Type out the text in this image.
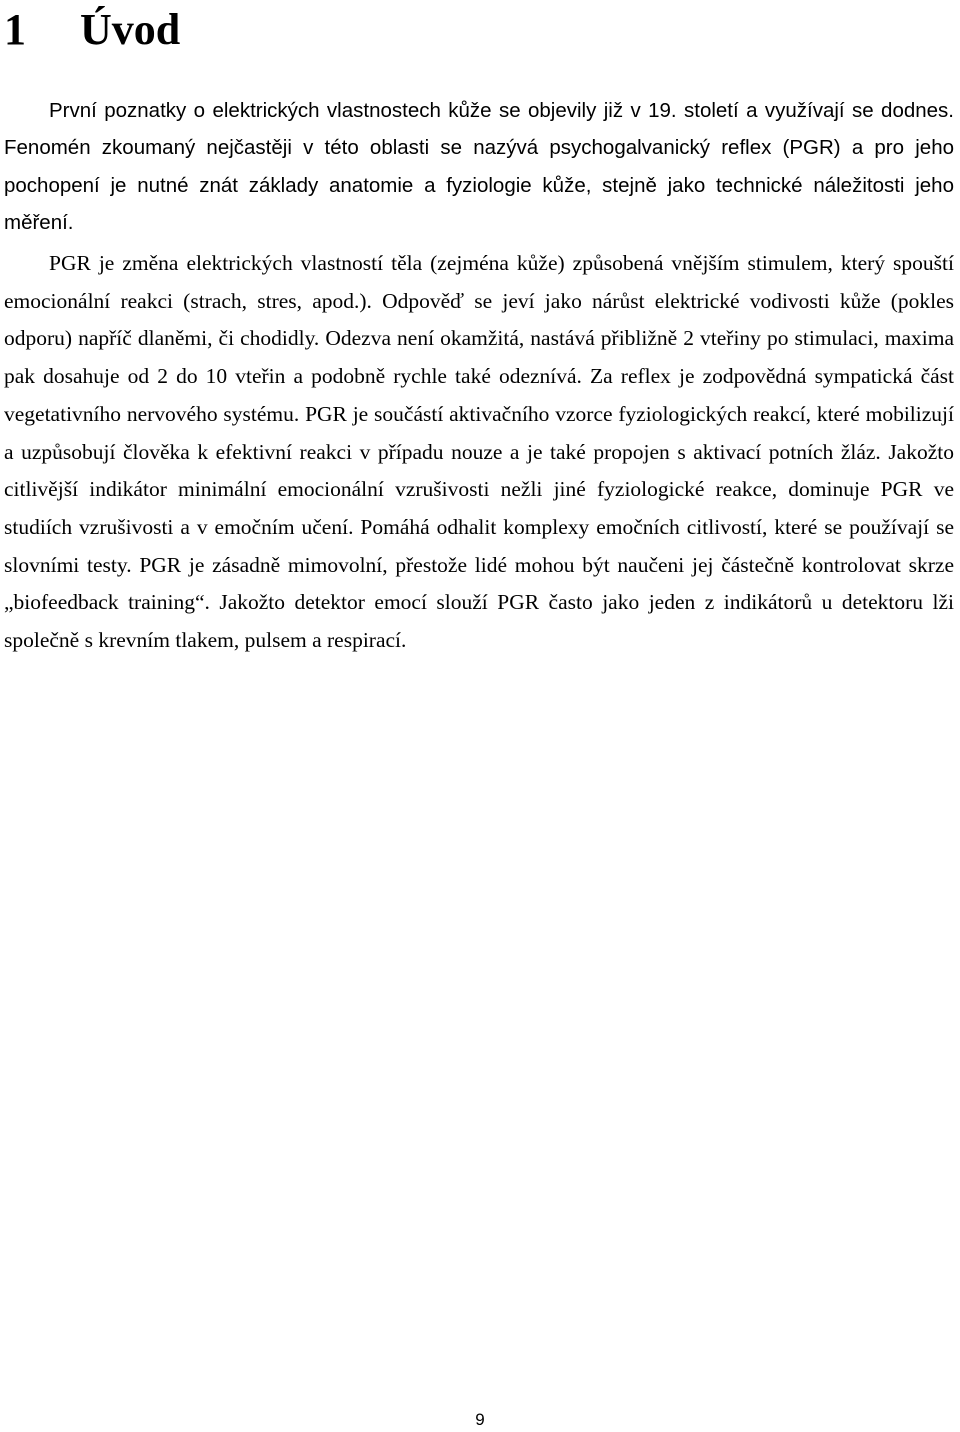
1 Úvod

První poznatky o elektrických vlastnostech kůže se objevily již v 19. století a využívají se dodnes. Fenomén zkoumaný nejčastěji v této oblasti se nazývá psychogalvanický reflex (PGR) a pro jeho pochopení je nutné znát základy anatomie a fyziologie kůže, stejně jako technické náležitosti jeho měření.

PGR je změna elektrických vlastností těla (zejména kůže) způsobená vnějším stimulem, který spouští emocionální reakci (strach, stres, apod.). Odpověď se jeví jako nárůst elektrické vodivosti kůže (pokles odporu) napříč dlaněmi, či chodidly. Odezva není okamžitá, nastává přibližně 2 vteřiny po stimulaci, maxima pak dosahuje od 2 do 10 vteřin a podobně rychle také odeznívá. Za reflex je zodpovědná sympatická část vegetativního nervového systému. PGR je součástí aktivačního vzorce fyziologických reakcí, které mobilizují a uzpůsobují člověka k efektivní reakci v případu nouze a je také propojen s aktivací potních žláz. Jakožto citlivější indikátor minimální emocionální vzrušivosti nežli jiné fyziologické reakce, dominuje PGR ve studiích vzrušivosti a v emočním učení. Pomáhá odhalit komplexy emočních citlivostí, které se používají se slovními testy. PGR je zásadně mimovolní, přestože lidé mohou být naučeni jej částečně kontrolovat skrze „biofeedback training“. Jakožto detektor emocí slouží PGR často jako jeden z indikátorů u detektoru lži společně s krevním tlakem, pulsem a respirací.

9
